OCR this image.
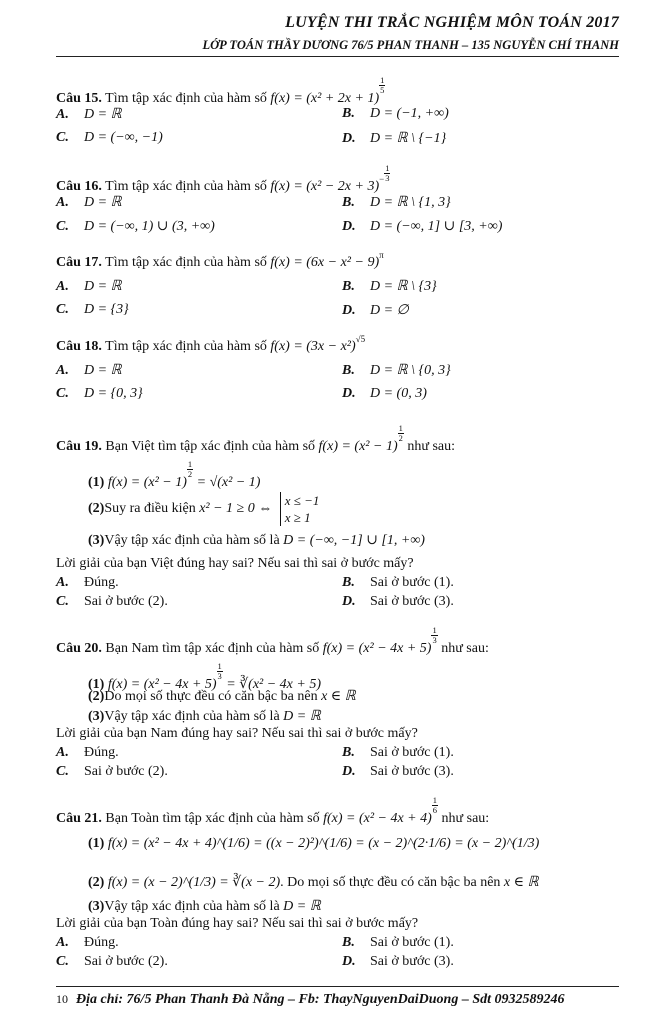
LUYỆN THI TRẮC NGHIỆM MÔN TOÁN 2017
LỚP TOÁN THẦY DƯƠNG 76/5 PHAN THANH – 135 NGUYỄN CHÍ THANH
Câu 15. Tìm tập xác định của hàm số f(x) = (x² + 2x + 1)
$\frac{1}{5}$
A. D = ℝ	B. D = (−1, +∞)
C. D = (−∞, −1)	D. D = ℝ \ {−1}
Câu 16. Tìm tập xác định của hàm số $f(x) = (x^2 - 2x + 3)^- \frac{1}{3}$
A. D = ℝ	B. D = ℝ \ {1, 3}
C. D = (−∞, 1) ∪ (3, +∞)	D. D = (−∞, 1] ∪ [3, +∞)
Câu 17. Tìm tập xác định của hàm số $f(x) = (6x - x^2 - 9)^\pi$
A. D = ℝ	B. D = ℝ \ {3}
C. D = {3}	D. D = ∅
Câu 18. Tìm tập xác định của hàm số $f(x) = (3x - x^2)^{√5}$
A. D = ℝ	B. D = ℝ \ {0, 3}
C. D = {0, 3}	D. D = (0, 3)
Câu 19. Bạn Việt tìm tập xác định của hàm số f(x) = (x² − 1)
$\frac{1}{2}$
như sau:
(1) f(x) = (x² − 1)
$\frac{1}{2}$
= √(x² − 1)
(2)Suy ra điều kiện x² − 1 ≥ 0 ⇔ x ≤ −1
x ≥ 1
(3)Vậy tập xác định của hàm số là D = (−∞, −1] ∪ [1, +∞)
Lời giải của bạn Việt đúng hay sai? Nếu sai thì sai ở bước mấy?
A. Đúng.	B. Sai ở bước (1).
C. Sai ở bước (2).	D. Sai ở bước (3).
Câu 20. Bạn Nam tìm tập xác định của hàm số f(x) = (x² − 4x + 5)
$\frac{1}{3}$
như sau:
(1) f(x) = (x² − 4x + 5)
$\frac{1}{3}$
= ∛(x² − 4x + 5)
(2)Do mọi số thực đều có căn bậc ba nên x ∈ ℝ
(3)Vậy tập xác định của hàm số là D = ℝ
Lời giải của bạn Nam đúng hay sai? Nếu sai thì sai ở bước mấy?
A. Đúng.	B. Sai ở bước (1).
C. Sai ở bước (2).	D. Sai ở bước (3).
Câu 21. Bạn Toàn tìm tập xác định của hàm số f(x) = (x² − 4x + 4)
$\frac{1}{6}$
như sau:
(1) f(x) = (x² − 4x + 4)^(1/6) = ((x − 2)²)^(1/6) = (x − 2)^(2·1/6) = (x − 2)^(1/3)
(2) f(x) = (x − 2)^(1/3) = ∛(x − 2). Do mọi số thực đều có căn bậc ba nên x ∈ ℝ
(3)Vậy tập xác định của hàm số là D = ℝ
Lời giải của bạn Toàn đúng hay sai? Nếu sai thì sai ở bước mấy?
A. Đúng.	B. Sai ở bước (1).
C. Sai ở bước (2).	D. Sai ở bước (3).
10 Địa chỉ: 76/5 Phan Thanh Đà Nẵng – Fb: ThayNguyenDaiDuong – Sdt 0932589246
